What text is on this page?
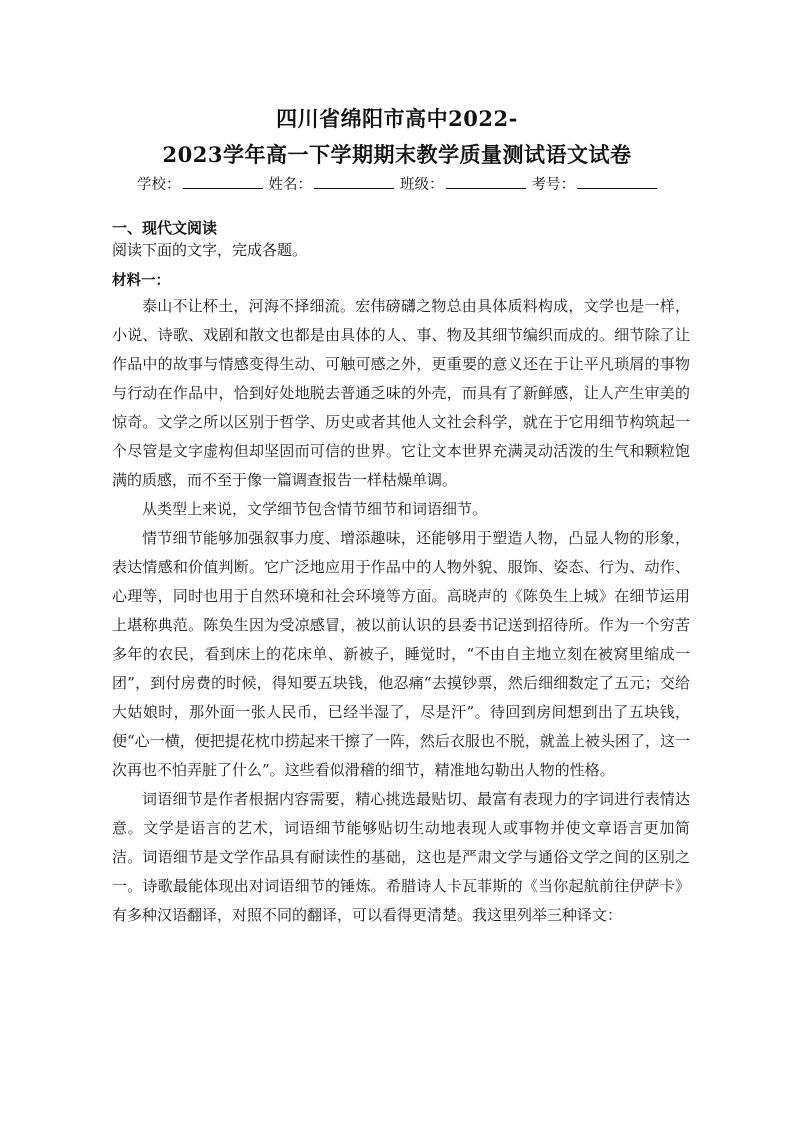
四川省绵阳市高中2022-
2023学年高一下学期期末教学质量测试语文试卷
学校：	姓名：	班级：	考号：
一、现代文阅读
阅读下面的文字，完成各题。
材料一：

泰山不让杯土，河海不择细流。宏伟磅礴之物总由具体质料构成，文学也是一样，小说、诗歌、戏剧和散文也都是由具体的人、事、物及其细节编织而成的。细节除了让作品中的故事与情感变得生动、可触可感之外，更重要的意义还在于让平凡琐屑的事物与行动在作品中，恰到好处地脱去普通乏味的外壳，而具有了新鲜感，让人产生审美的惊奇。文学之所以区别于哲学、历史或者其他人文社会科学，就在于它用细节构筑起一个尽管是文字虚构但却坚固而可信的世界。它让文本世界充满灵动活泼的生气和颗粒饱满的质感，而不至于像一篇调查报告一样枯燥单调。

从类型上来说，文学细节包含情节细节和词语细节。

情节细节能够加强叙事力度、增添趣味，还能够用于塑造人物，凸显人物的形象，表达情感和价值判断。它广泛地应用于作品中的人物外貌、服饰、姿态、行为、动作、心理等，同时也用于自然环境和社会环境等方面。高晓声的《陈奂生上城》在细节运用上堪称典范。陈奂生因为受凉感冒，被以前认识的县委书记送到招待所。作为一个穷苦多年的农民，看到床上的花床单、新被子，睡觉时，“不由自主地立刻在被窝里缩成一团”，到付房费的时候，得知要五块钱，他忍痛“去摸钞票，然后细细数定了五元；交给大姑娘时，那外面一张人民币，已经半湿了，尽是汗”。待回到房间想到出了五块钱，便“心一横，便把提花枕巾捞起来干擦了一阵，然后衣服也不脱，就盖上被头困了，这一次再也不怕弄脏了什么”。这些看似滑稽的细节，精准地勾勒出人物的性格。

词语细节是作者根据内容需要，精心挑选最贴切、最富有表现力的字词进行表情达意。文学是语言的艺术，词语细节能够贴切生动地表现人或事物并使文章语言更加简洁。词语细节是文学作品具有耐读性的基础，这也是严肃文学与通俗文学之间的区别之一。诗歌最能体现出对词语细节的锤炼。希腊诗人卡瓦菲斯的《当你起航前往伊萨卡》有多种汉语翻译，对照不同的翻译，可以看得更清楚。我这里列举三种译文：
